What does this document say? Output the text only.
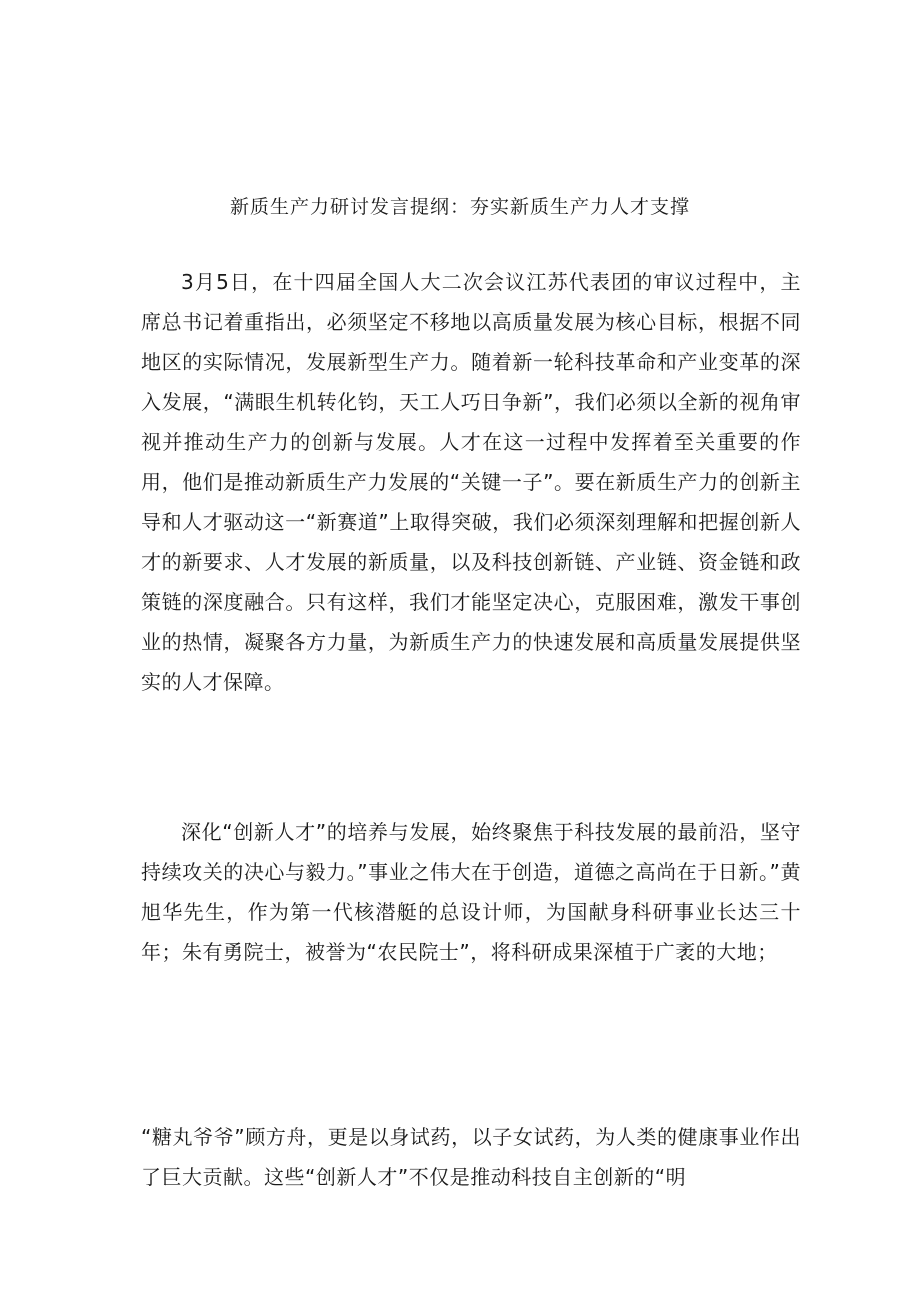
新质生产力研讨发言提纲：夯实新质生产力人才支撑

3月5日，在十四届全国人大二次会议江苏代表团的审议过程中，主席总书记着重指出，必须坚定不移地以高质量发展为核心目标，根据不同地区的实际情况，发展新型生产力。随着新一轮科技革命和产业变革的深入发展，“满眼生机转化钧，天工人巧日争新”，我们必须以全新的视角审视并推动生产力的创新与发展。人才在这一过程中发挥着至关重要的作用，他们是推动新质生产力发展的“关键一子”。要在新质生产力的创新主导和人才驱动这一“新赛道”上取得突破，我们必须深刻理解和把握创新人才的新要求、人才发展的新质量，以及科技创新链、产业链、资金链和政策链的深度融合。只有这样，我们才能坚定决心，克服困难，激发干事创业的热情，凝聚各方力量，为新质生产力的快速发展和高质量发展提供坚实的人才保障。

深化“创新人才”的培养与发展，始终聚焦于科技发展的最前沿，坚守持续攻关的决心与毅力。”事业之伟大在于创造，道德之高尚在于日新。”黄旭华先生，作为第一代核潜艇的总设计师，为国献身科研事业长达三十年；朱有勇院士，被誉为“农民院士”，将科研成果深植于广袤的大地；

“糖丸爷爷”顾方舟，更是以身试药，以子女试药，为人类的健康事业作出了巨大贡献。这些“创新人才”不仅是推动科技自主创新的“明
